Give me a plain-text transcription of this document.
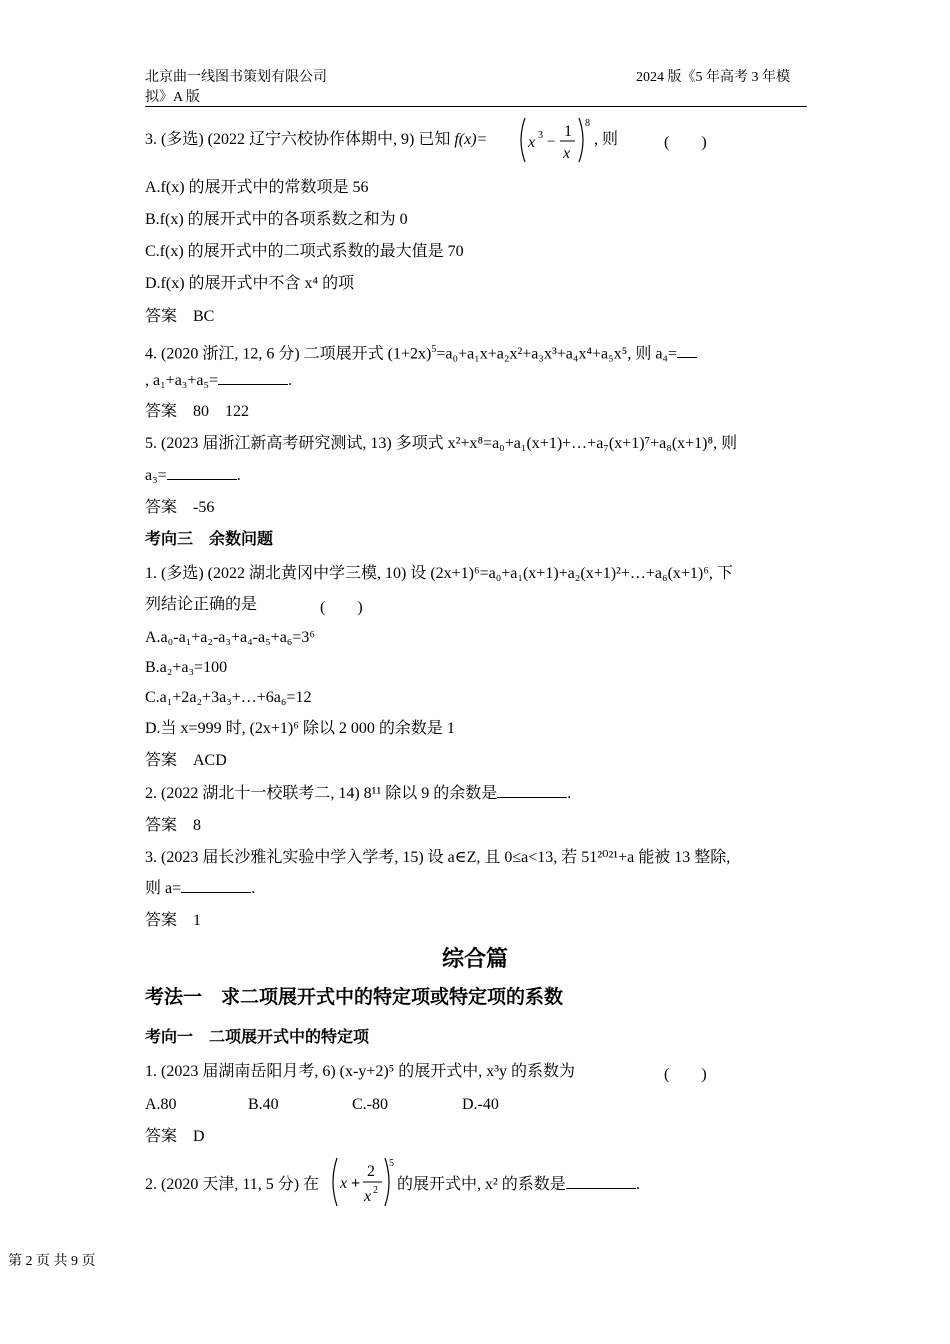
北京曲一线图书策划有限公司
拟》A 版
2024 版《5 年高考 3 年模
3. (多选) (2022 辽宁六校协作体期中, 9) 已知 f(x)=	x 3 −
1
x
8
, 则	(　　)
A.f(x) 的展开式中的常数项是 56
B.f(x) 的展开式中的各项系数之和为 0
C.f(x) 的展开式中的二项式系数的最大值是 70
D.f(x) 的展开式中不含 x⁴ 的项
答案　BC
4. (2020 浙江, 12, 6 分) 二项展开式 $(1+2x)^5=a_0+a_1x+a_2x^2+a_3x^3+a_4x^4+a_5x^5$, 则 a₄=
, a₁+a₃+a₅=	.
答案　80　122
5. (2023 届浙江新高考研究测试, 13) 多项式 x²+x⁸=a₀+a₁(x+1)+…+a₇(x+1)⁷+a₈(x+1)⁸, 则
a₃=	.
答案　-56
考向三　余数问题
1. (多选) (2022 湖北黄冈中学三模, 10) 设 (2x+1)⁶=a₀+a₁(x+1)+a₂(x+1)²+…+a₆(x+1)⁶, 下
列结论正确的是	(　　)
A.a₀-a₁+a₂-a₃+a₄-a₅+a₆=3⁶
B.a₂+a₃=100
C.a₁+2a₂+3a₃+…+6a₆=12
D.当 x=999 时, (2x+1)⁶ 除以 2 000 的余数是 1
答案　ACD
2. (2022 湖北十一校联考二, 14) 8¹¹ 除以 9 的余数是	.
答案　8
3. (2023 届长沙雅礼实验中学入学考, 15) 设 a∈Z, 且 0≤a<13, 若 51²⁰²¹+a 能被 13 整除,
则 a=	.
答案　1
综合篇
考法一　求二项展开式中的特定项或特定项的系数
考向一　二项展开式中的特定项
1. (2023 届湖南岳阳月考, 6) (x-y+2)⁵ 的展开式中, x³y 的系数为	(　　)
A.80	B.40	C.-80	D.-40
答案　D
2. (2020 天津, 11, 5 分) 在 x +
2
x 2
5
的展开式中, x² 的系数是	.
第 2 页 共 9 页
